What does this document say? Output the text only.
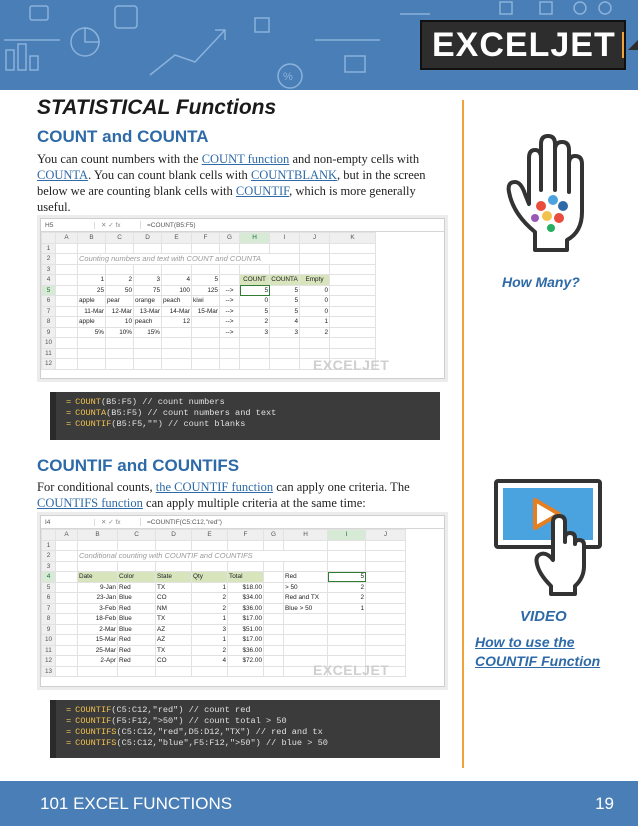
%
EXCELJET
STATISTICAL Functions
COUNT and COUNTA
You can count numbers with the COUNT function and non-empty cells with COUNTA. You can count blank cells with COUNTBLANK, but in the screen below we are counting blank cells with COUNTIF, which is more generally useful.
H5	✕ ✓ fx	=COUNT(B5:F5)
	A	B	C	D	E	F	G	H	I	J	K
1											
2		Counting numbers and text with COUNT and COUNTA									
3											
4		1	2	3	4	5		COUNT	COUNTA	Empty	
5		25	50	75	100	125	-->	5	5	0	
6		apple	pear	orange	peach	kiwi	-->	0	5	0	
7		11-Mar	12-Mar	13-Mar	14-Mar	15-Mar	-->	5	5	0	
8		apple	10	peach	12		-->	2	4	1	
9		5%	10%	15%			-->	3	3	2	
10											
11											
12												EXCELJET
= COUNT(B5:F5) // count numbers
= COUNTA(B5:F5) // count numbers and text
= COUNTIF(B5:F5,"") // count blanks
COUNTIF and COUNTIFS
For conditional counts, the COUNTIF function can apply one criteria. The COUNTIFS function can apply multiple criteria at the same time:
I4	✕ ✓ fx	=COUNTIF(C5:C12,"red")
	A	B	C	D	E	F	G	H	I	J
1										
2		Conditional counting with COUNTIF and COUNTIFS								
3										
4		Date	Color	State	Qty	Total		Red	5	
5		9-Jan	Red	TX	1	$18.00		> 50	2	
6		23-Jan	Blue	CO	2	$34.00		Red and TX	2	
7		3-Feb	Red	NM	2	$36.00		Blue > 50	1	
8		18-Feb	Blue	TX	1	$17.00				
9		2-Mar	Blue	AZ	3	$51.00				
10		15-Mar	Red	AZ	1	$17.00				
11		25-Mar	Red	TX	2	$36.00				
12		2-Apr	Red	CO	4	$72.00				
13											EXCELJET
= COUNTIF(C5:C12,"red") // count red
= COUNTIF(F5:F12,">50") // count total > 50
= COUNTIFS(C5:C12,"red",D5:D12,"TX") // red and tx
= COUNTIFS(C5:C12,"blue",F5:F12,">50") // blue > 50
How Many?
VIDEO
How to use the
COUNTIF Function
101 EXCEL FUNCTIONS	19
